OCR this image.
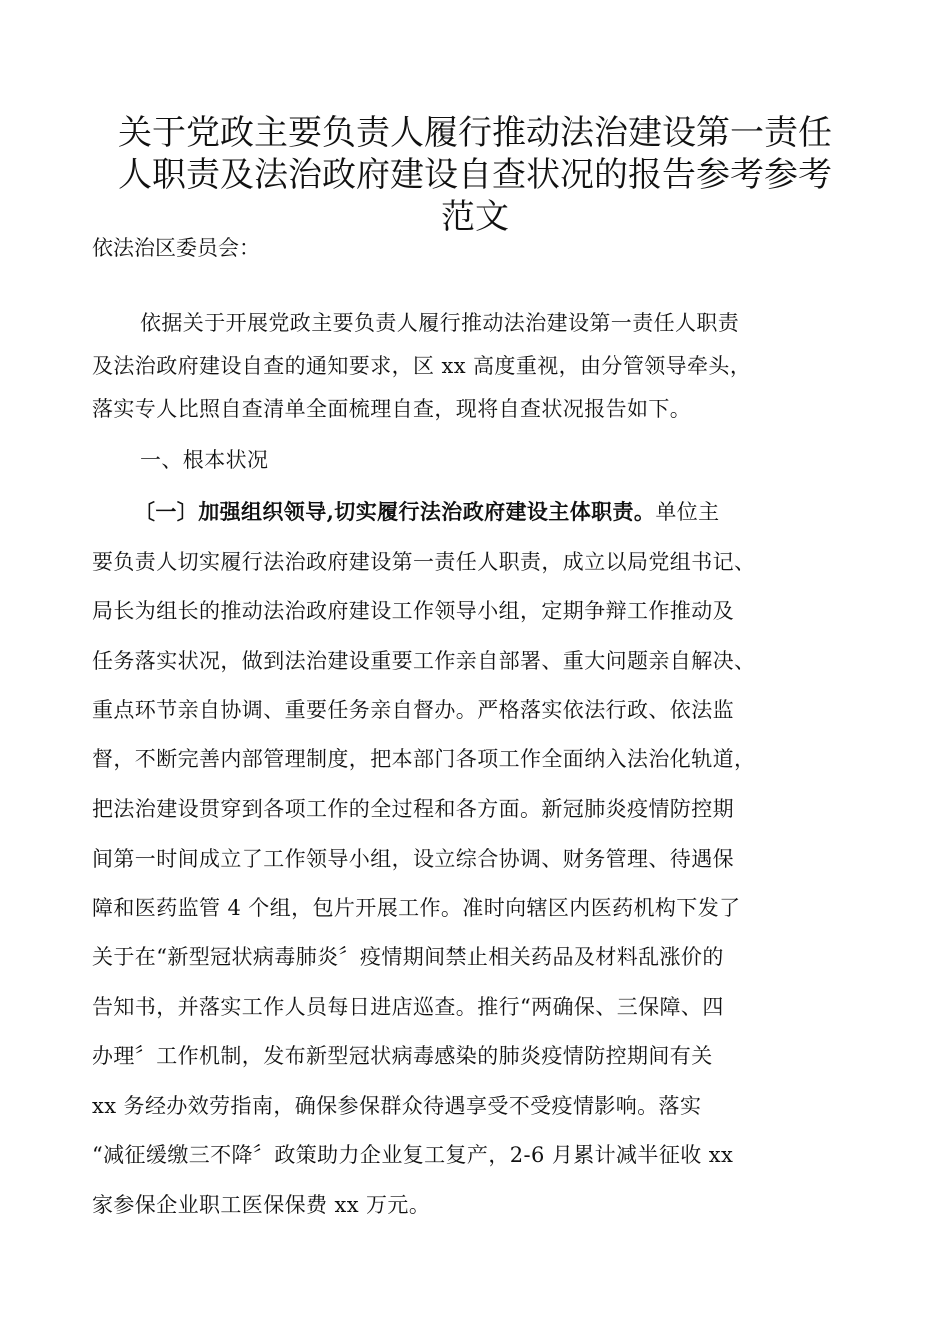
关于党政主要负责人履行推动法治建设第一责任
人职责及法治政府建设自查状况的报告参考参考
范文
依法治区委员会：
依据关于开展党政主要负责人履行推动法治建设第一责任人职责
及法治政府建设自查的通知要求，区 xx 高度重视，由分管领导牵头，
落实专人比照自查清单全面梳理自查，现将自查状况报告如下。
一、根本状况
〔一〕加强组织领导,切实履行法治政府建设主体职责。单位主
要负责人切实履行法治政府建设第一责任人职责，成立以局党组书记、
局长为组长的推动法治政府建设工作领导小组，定期争辩工作推动及
任务落实状况，做到法治建设重要工作亲自部署、重大问题亲自解决、
重点环节亲自协调、重要任务亲自督办。严格落实依法行政、依法监
督，不断完善内部管理制度，把本部门各项工作全面纳入法治化轨道，
把法治建设贯穿到各项工作的全过程和各方面。新冠肺炎疫情防控期
间第一时间成立了工作领导小组，设立综合协调、财务管理、待遇保
障和医药监管 4 个组，包片开展工作。准时向辖区内医药机构下发了
关于在“新型冠状病毒肺炎〞疫情期间禁止相关药品及材料乱涨价的
告知书，并落实工作人员每日进店巡查。推行“两确保、三保障、四
办理〞工作机制，发布新型冠状病毒感染的肺炎疫情防控期间有关
xx 务经办效劳指南，确保参保群众待遇享受不受疫情影响。落实
“减征缓缴三不降〞政策助力企业复工复产，2-6 月累计减半征收 xx
家参保企业职工医保保费 xx 万元。
